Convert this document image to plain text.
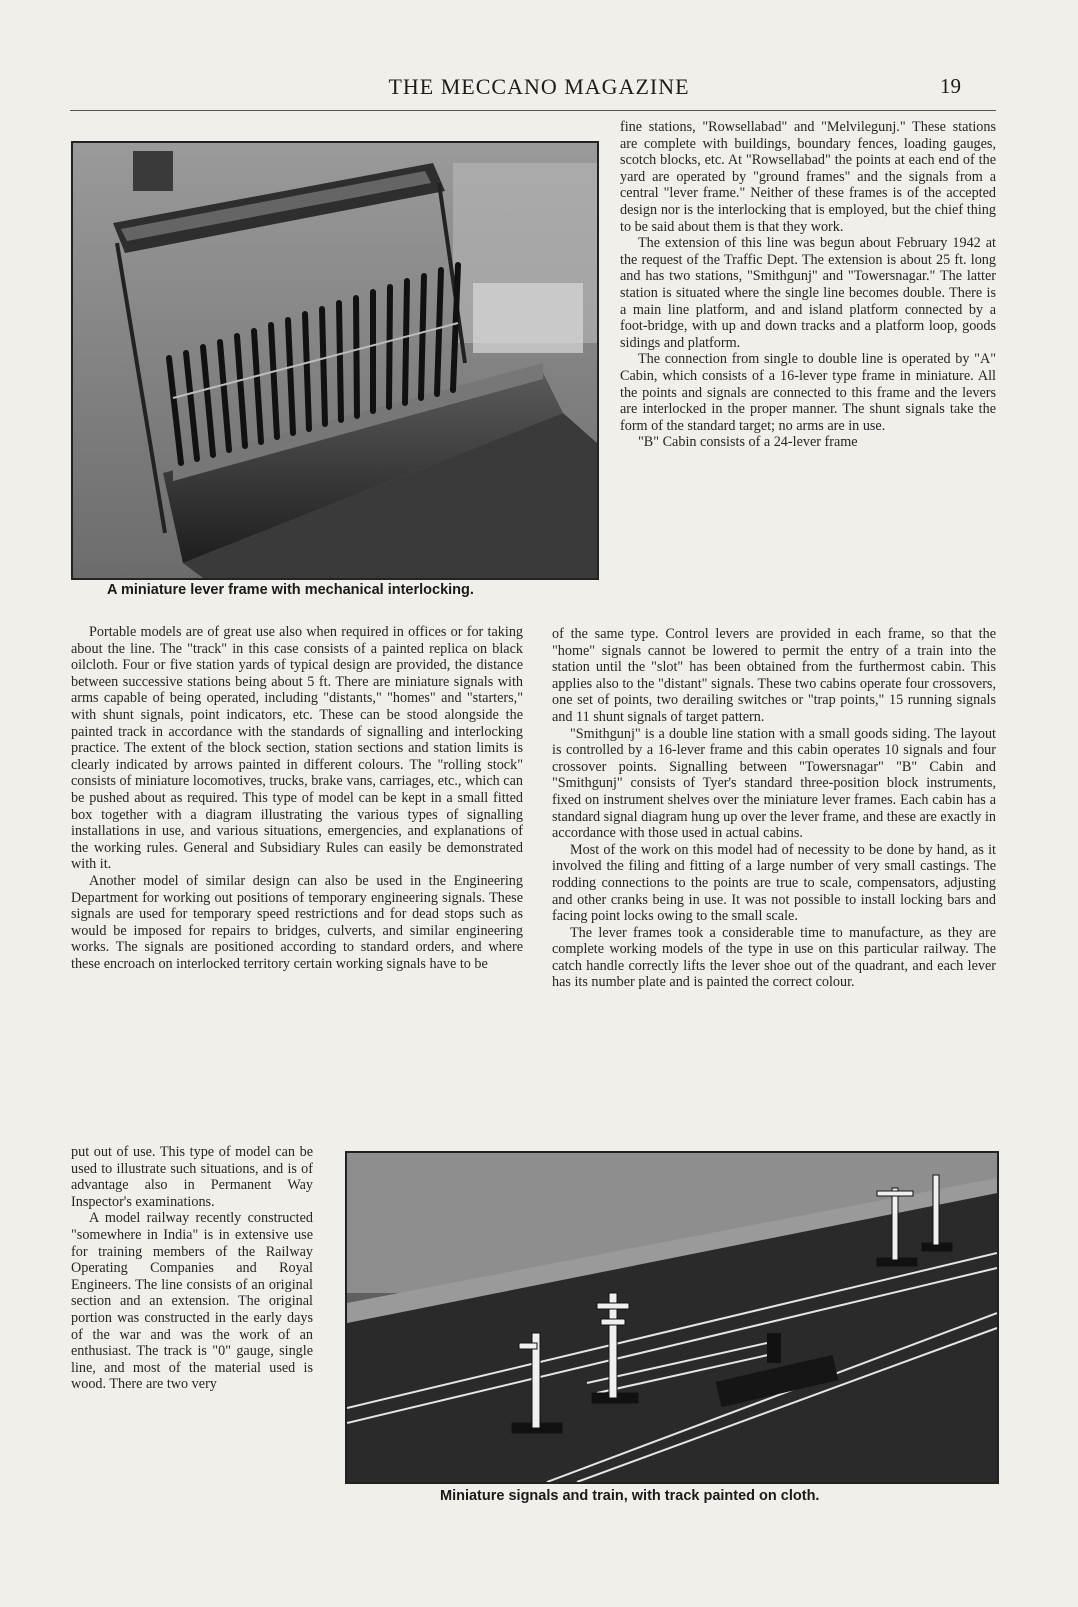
THE MECCANO MAGAZINE	19
A miniature lever frame with mechanical interlocking.

fine stations, "Rowsellabad" and "Melvilegunj." These stations are complete with buildings, boundary fences, loading gauges, scotch blocks, etc. At "Rowsellabad" the points at each end of the yard are operated by "ground frames" and the signals from a central "lever frame." Neither of these frames is of the accepted design nor is the interlocking that is employed, but the chief thing to be said about them is that they work.

The extension of this line was begun about February 1942 at the request of the Traffic Dept. The extension is about 25 ft. long and has two stations, "Smithgunj" and "Towersnagar." The latter station is situated where the single line becomes double. There is a main line platform, and and island platform connected by a foot-bridge, with up and down tracks and a platform loop, goods sidings and platform.

The connection from single to double line is operated by "A" Cabin, which consists of a 16-lever type frame in miniature. All the points and signals are connected to this frame and the levers are interlocked in the proper manner. The shunt signals take the form of the standard target; no arms are in use.

"B" Cabin consists of a 24-lever frame

Portable models are of great use also when required in offices or for taking about the line. The "track" in this case consists of a painted replica on black oilcloth. Four or five station yards of typical design are provided, the distance between successive stations being about 5 ft. There are miniature signals with arms capable of being operated, including "distants," "homes" and "starters," with shunt signals, point indicators, etc. These can be stood alongside the painted track in accordance with the standards of signalling and interlocking practice. The extent of the block section, station sections and station limits is clearly indicated by arrows painted in different colours. The "rolling stock" consists of miniature locomotives, trucks, brake vans, carriages, etc., which can be pushed about as required. This type of model can be kept in a small fitted box together with a diagram illustrating the various types of signalling installations in use, and various situations, emergencies, and explanations of the working rules. General and Subsidiary Rules can easily be demonstrated with it.

Another model of similar design can also be used in the Engineering Department for working out positions of temporary engineering signals. These signals are used for temporary speed restrictions and for dead stops such as would be imposed for repairs to bridges, culverts, and similar engineering works. The signals are positioned according to standard orders, and where these encroach on interlocked territory certain working signals have to be

put out of use. This type of model can be used to illustrate such situations, and is of advantage also in Permanent Way Inspector's examinations.

A model railway recently constructed "somewhere in India" is in extensive use for training members of the Railway Operating Companies and Royal Engineers. The line consists of an original section and an extension. The original portion was constructed in the early days of the war and was the work of an enthusiast. The track is "0" gauge, single line, and most of the material used is wood. There are two very

of the same type. Control levers are provided in each frame, so that the "home" signals cannot be lowered to permit the entry of a train into the station until the "slot" has been obtained from the furthermost cabin. This applies also to the "distant" signals. These two cabins operate four crossovers, one set of points, two derailing switches or "trap points," 15 running signals and 11 shunt signals of target pattern.

"Smithgunj" is a double line station with a small goods siding. The layout is controlled by a 16-lever frame and this cabin operates 10 signals and four crossover points. Signalling between "Towersnagar" "B" Cabin and "Smithgunj" consists of Tyer's standard three-position block instruments, fixed on instrument shelves over the miniature lever frames. Each cabin has a standard signal diagram hung up over the lever frame, and these are exactly in accordance with those used in actual cabins.

Most of the work on this model had of necessity to be done by hand, as it involved the filing and fitting of a large number of very small castings. The rodding connections to the points are true to scale, compensators, adjusting and other cranks being in use. It was not possible to install locking bars and facing point locks owing to the small scale.

The lever frames took a considerable time to manufacture, as they are complete working models of the type in use on this particular railway. The catch handle correctly lifts the lever shoe out of the quadrant, and each lever has its number plate and is painted the correct colour.

Miniature signals and train, with track painted on cloth.
